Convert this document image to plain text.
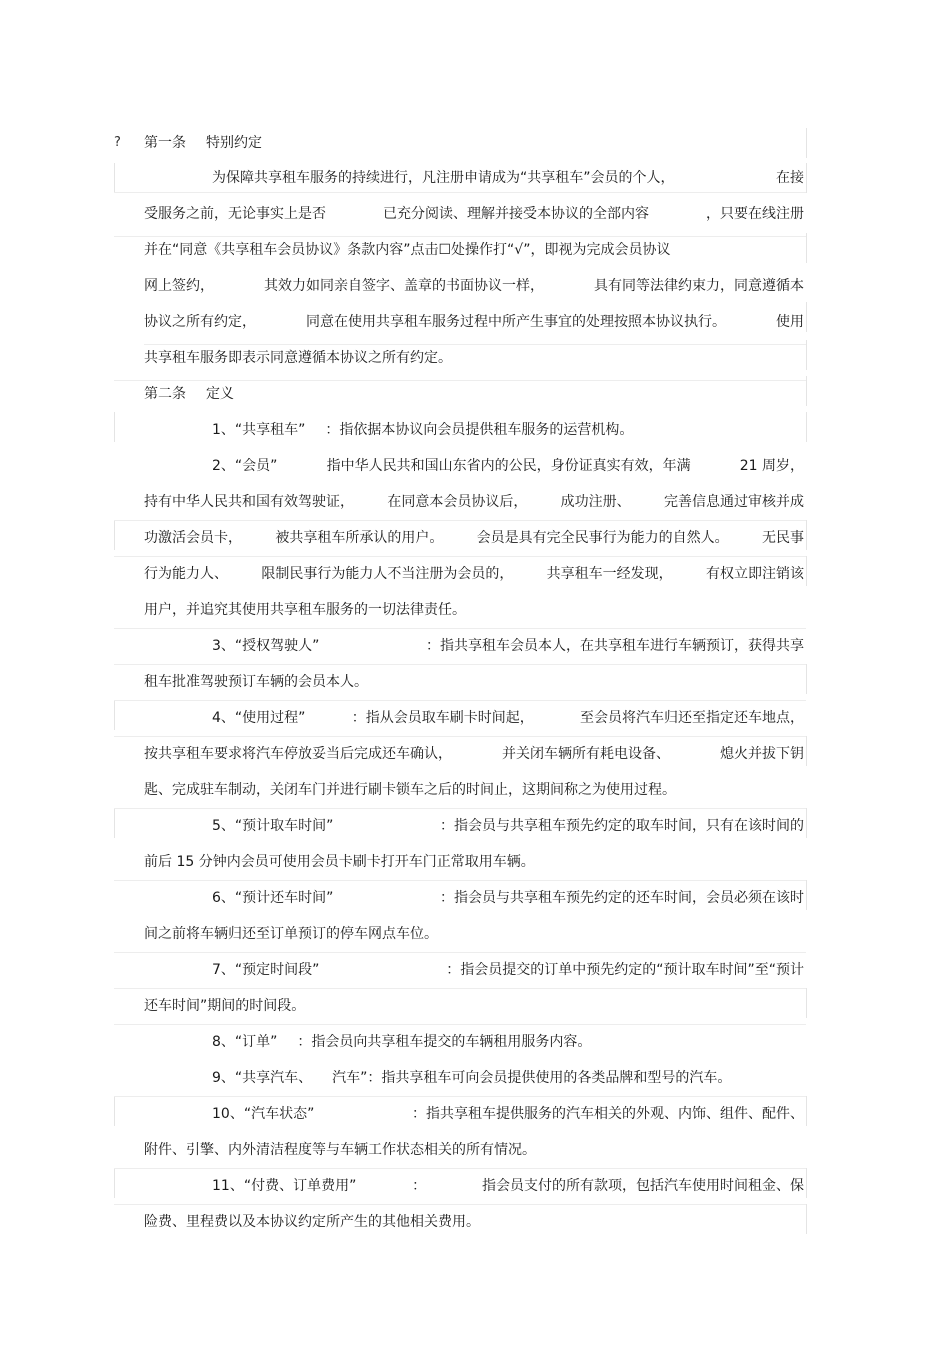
? 第一条 特别约定
为保障共享租车服务的持续进行，凡注册申请成为“共享租车”会员的个人，	在接
受服务之前，无论事实上是否	已充分阅读、理解并接受本协议的全部内容	，只要在线注册
并在“同意《共享租车会员协议》条款内容”点击☐处操作打“√”，即视为完成会员协议
网上签约，	其效力如同亲自签字、盖章的书面协议一样，	具有同等法律约束力，同意遵循本
协议之所有约定，	同意在使用共享租车服务过程中所产生事宜的处理按照本协议执行。	使用
共享租车服务即表示同意遵循本协议之所有约定。
第二条 定义
1、“共享租车” ：指依据本协议向会员提供租车服务的运营机构。
2、“会员”	指中华人民共和国山东省内的公民，身份证真实有效，年满	21 周岁，
持有中华人民共和国有效驾驶证， 在同意本会员协议后， 成功注册、 完善信息通过审核并成
功激活会员卡， 被共享租车所承认的用户。 会员是具有完全民事行为能力的自然人。 无民事
行为能力人、 限制民事行为能力人不当注册为会员的， 共享租车一经发现， 有权立即注销该
用户，并追究其使用共享租车服务的一切法律责任。
3、“授权驾驶人”	：指共享租车会员本人，在共享租车进行车辆预订，获得共享
租车批准驾驶预订车辆的会员本人。
4、“使用过程”	：指从会员取车刷卡时间起，	至会员将汽车归还至指定还车地点，
按共享租车要求将汽车停放妥当后完成还车确认，	并关闭车辆所有耗电设备、	熄火并拔下钥
匙、完成驻车制动，关闭车门并进行刷卡锁车之后的时间止，这期间称之为使用过程。
5、“预计取车时间”	：指会员与共享租车预先约定的取车时间，只有在该时间的
前后 15 分钟内会员可使用会员卡刷卡打开车门正常取用车辆。
6、“预计还车时间”	：指会员与共享租车预先约定的还车时间，会员必须在该时
间之前将车辆归还至订单预订的停车网点车位。
7、“预定时间段”	：指会员提交的订单中预先约定的“预计取车时间”至“预计
还车时间”期间的时间段。
8、“订单” ：指会员向共享租车提交的车辆租用服务内容。
9、“共享汽车、 汽车”：指共享租车可向会员提供使用的各类品牌和型号的汽车。
10、“汽车状态”	：指共享租车提供服务的汽车相关的外观、内饰、组件、配件、
附件、引擎、内外清洁程度等与车辆工作状态相关的所有情况。
11、“付费、订单费用”	：	指会员支付的所有款项，包括汽车使用时间租金、保
险费、里程费以及本协议约定所产生的其他相关费用。
